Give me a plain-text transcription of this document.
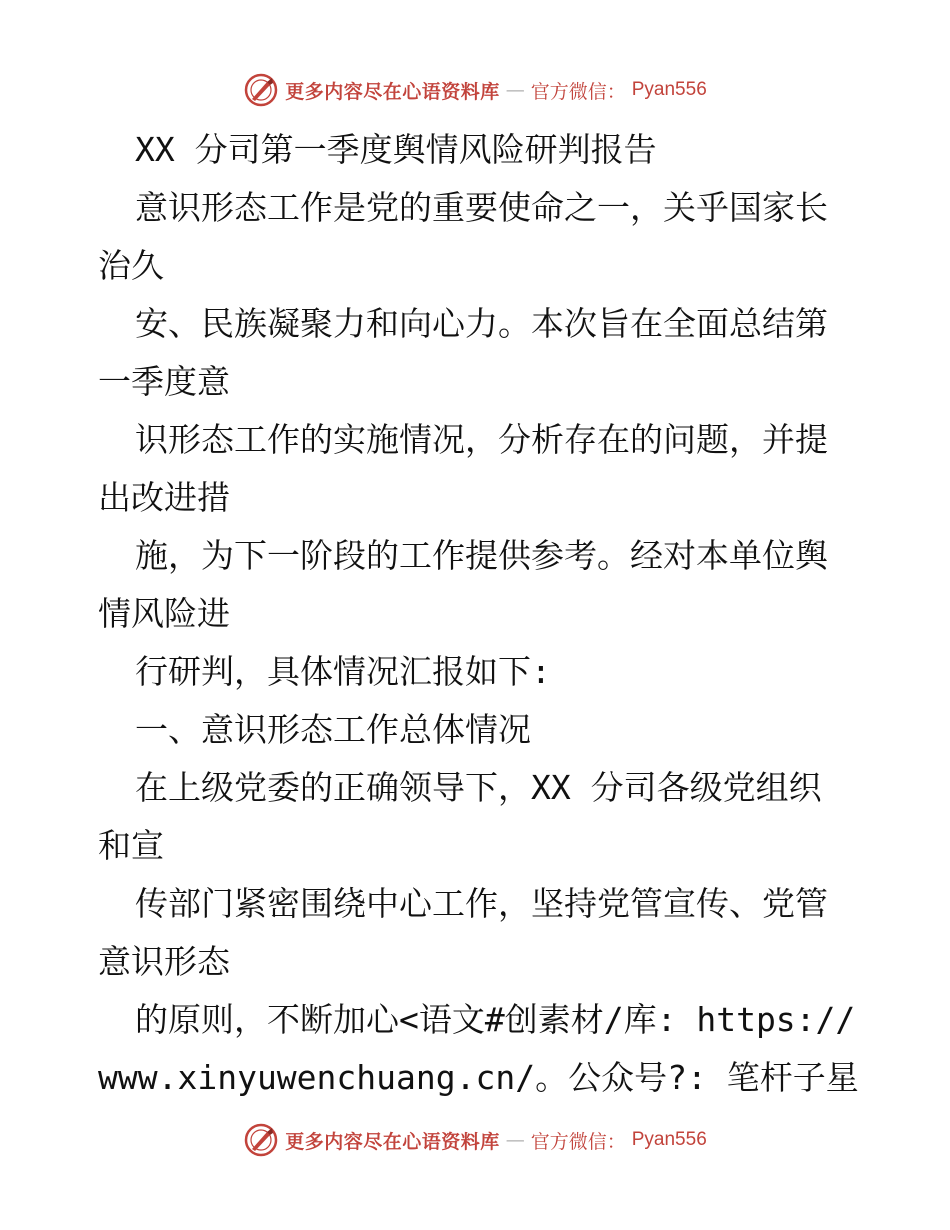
更多内容尽在心语资料库 — 官方微信： Pyan556
XX 分司第一季度舆情风险研判报告
意识形态工作是党的重要使命之一，关乎国家长
治久
安、民族凝聚力和向心力。本次旨在全面总结第
一季度意
识形态工作的实施情况，分析存在的问题，并提
出改进措
施，为下一阶段的工作提供参考。经对本单位舆
情风险进
行研判，具体情况汇报如下:
一、意识形态工作总体情况
在上级党委的正确领导下，XX 分司各级党组织
和宣
传部门紧密围绕中心工作，坚持党管宣传、党管
意识形态
的原则，不断加心<语文#创素材/库: https://
www.xinyuwenchuang.cn/。公众号?: 笔杆子星
更多内容尽在心语资料库 — 官方微信： Pyan556
